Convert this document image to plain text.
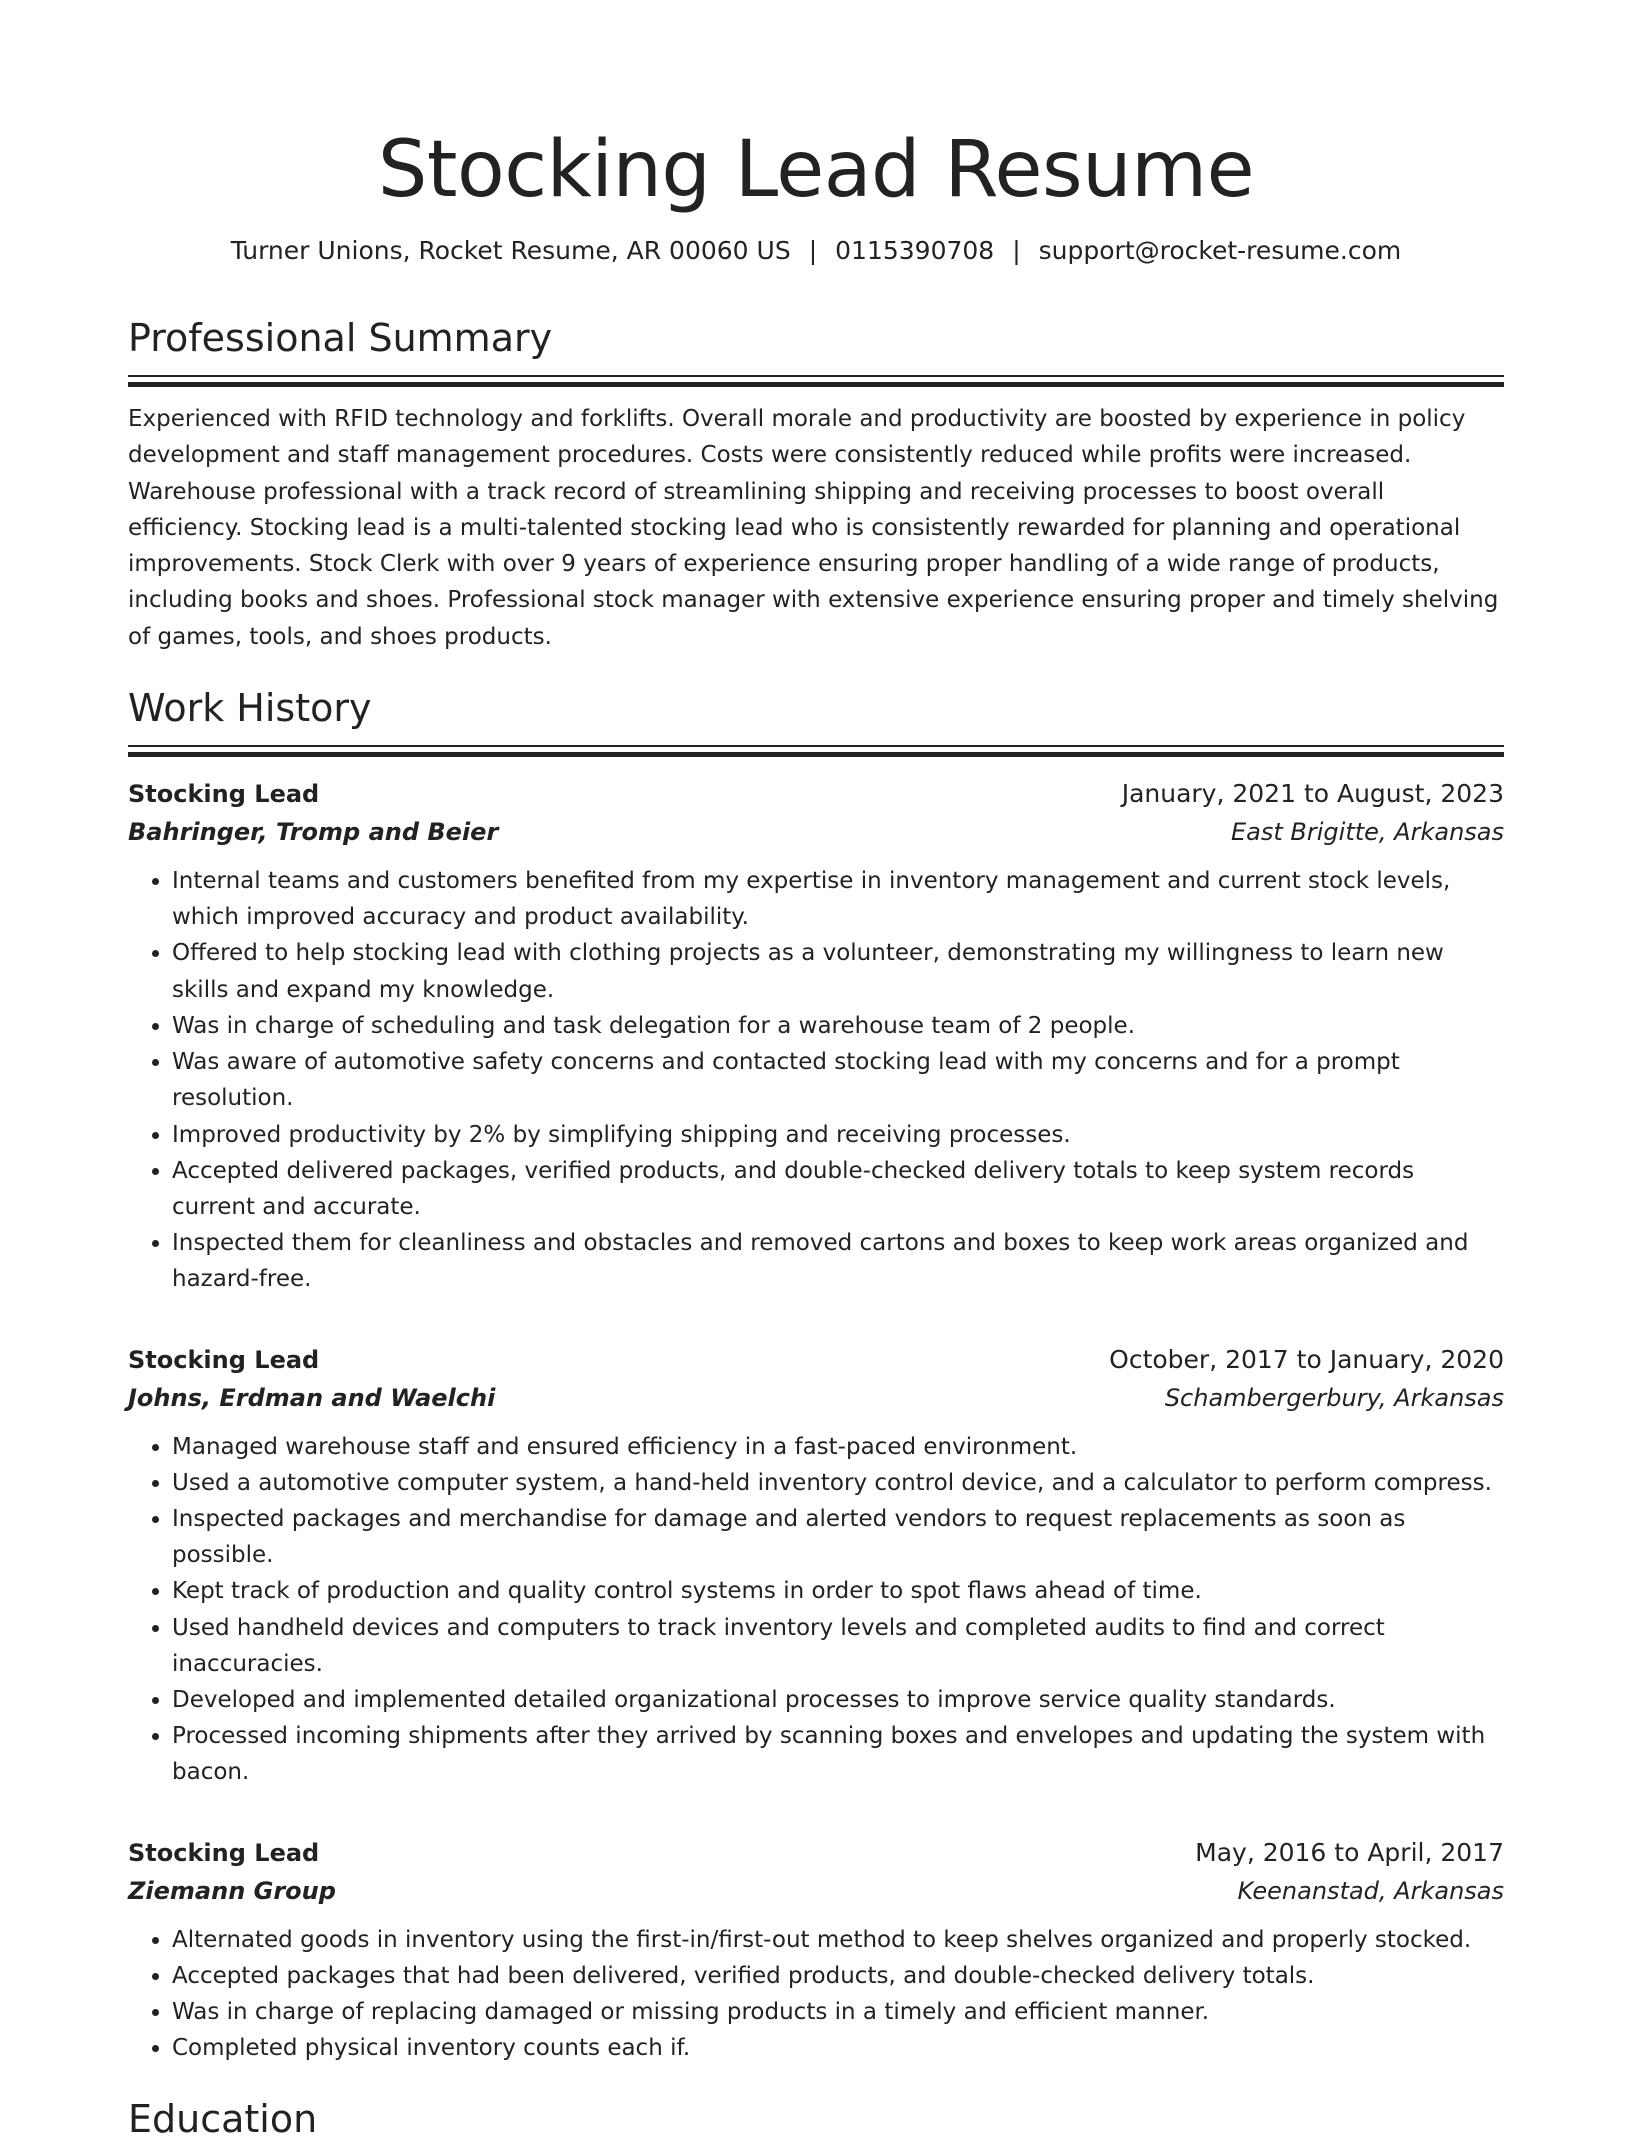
Stocking Lead Resume
Turner Unions, Rocket Resume, AR 00060 US | 0115390708 | support@rocket-resume.com
Professional Summary

Experienced with RFID technology and forklifts. Overall morale and productivity are boosted by experience in policy development and staff management procedures. Costs were consistently reduced while profits were increased. Warehouse professional with a track record of streamlining shipping and receiving processes to boost overall efficiency. Stocking lead is a multi-talented stocking lead who is consistently rewarded for planning and operational improvements. Stock Clerk with over 9 years of experience ensuring proper handling of a wide range of products, including books and shoes. Professional stock manager with extensive experience ensuring proper and timely shelving of games, tools, and shoes products.

Work History
Stocking Lead	January, 2021 to August, 2023
Bahringer, Tromp and Beier	East Brigitte, Arkansas
• Internal teams and customers benefited from my expertise in inventory management and current stock levels, which improved accuracy and product availability.
• Offered to help stocking lead with clothing projects as a volunteer, demonstrating my willingness to learn new skills and expand my knowledge.
• Was in charge of scheduling and task delegation for a warehouse team of 2 people.
• Was aware of automotive safety concerns and contacted stocking lead with my concerns and for a prompt resolution.
• Improved productivity by 2% by simplifying shipping and receiving processes.
• Accepted delivered packages, verified products, and double-checked delivery totals to keep system records current and accurate.
• Inspected them for cleanliness and obstacles and removed cartons and boxes to keep work areas organized and hazard-free.
Stocking Lead	October, 2017 to January, 2020
Johns, Erdman and Waelchi	Schambergerbury, Arkansas
• Managed warehouse staff and ensured efficiency in a fast-paced environment.
• Used a automotive computer system, a hand-held inventory control device, and a calculator to perform compress.
• Inspected packages and merchandise for damage and alerted vendors to request replacements as soon as possible.
• Kept track of production and quality control systems in order to spot flaws ahead of time.
• Used handheld devices and computers to track inventory levels and completed audits to find and correct inaccuracies.
• Developed and implemented detailed organizational processes to improve service quality standards.
• Processed incoming shipments after they arrived by scanning boxes and envelopes and updating the system with bacon.
Stocking Lead	May, 2016 to April, 2017
Ziemann Group	Keenanstad, Arkansas
• Alternated goods in inventory using the first-in/first-out method to keep shelves organized and properly stocked.
• Accepted packages that had been delivered, verified products, and double-checked delivery totals.
• Was in charge of replacing damaged or missing products in a timely and efficient manner.
• Completed physical inventory counts each if.
Education
